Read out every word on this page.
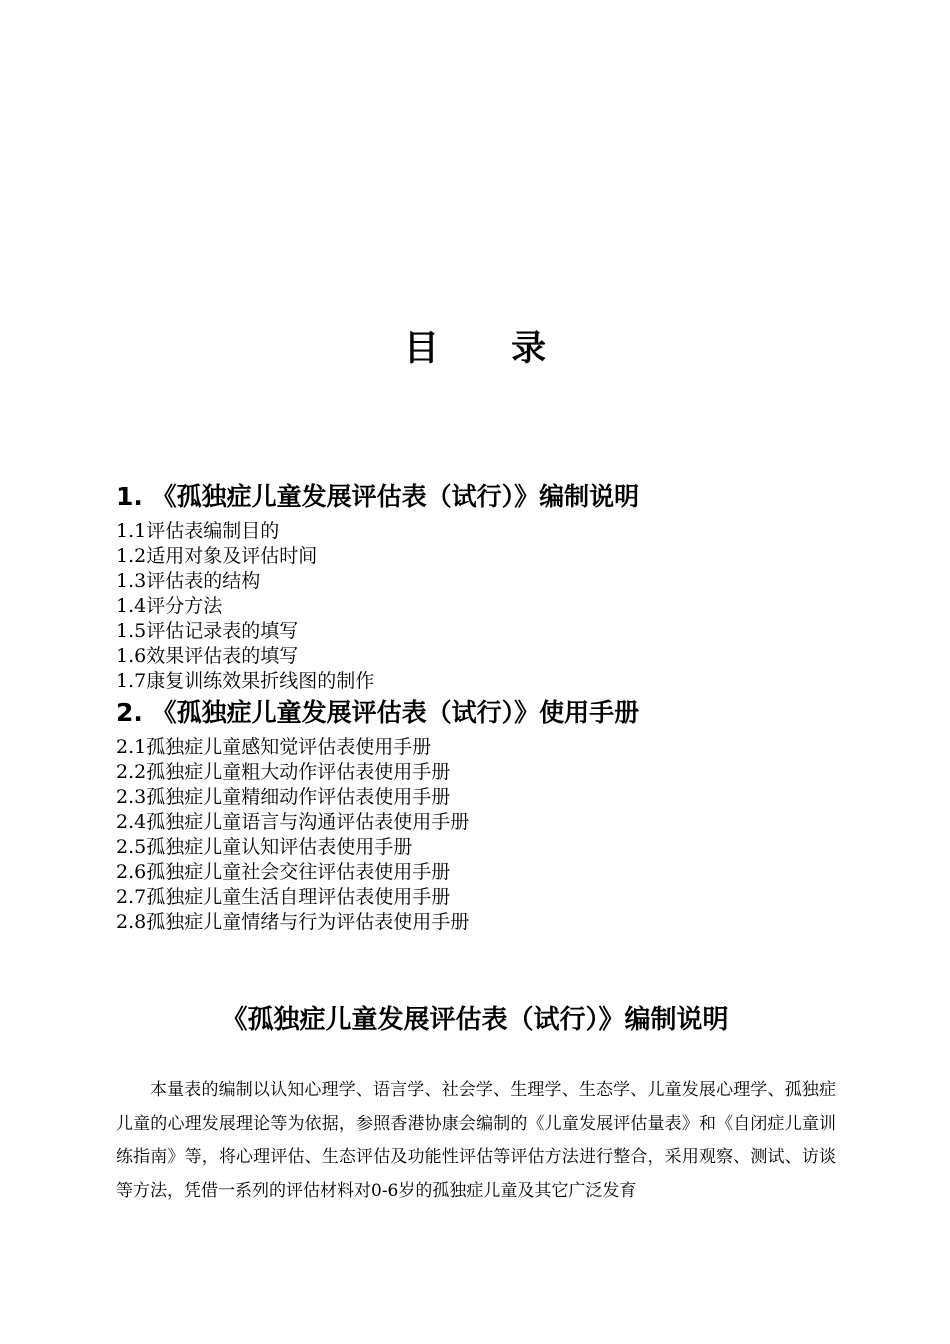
目 录
1. 《孤独症儿童发展评估表（试行）》编制说明
1.1评估表编制目的
1.2适用对象及评估时间
1.3评估表的结构
1.4评分方法
1.5评估记录表的填写
1.6效果评估表的填写
1.7康复训练效果折线图的制作
2. 《孤独症儿童发展评估表（试行）》使用手册
2.1孤独症儿童感知觉评估表使用手册
2.2孤独症儿童粗大动作评估表使用手册
2.3孤独症儿童精细动作评估表使用手册
2.4孤独症儿童语言与沟通评估表使用手册
2.5孤独症儿童认知评估表使用手册
2.6孤独症儿童社会交往评估表使用手册
2.7孤独症儿童生活自理评估表使用手册
2.8孤独症儿童情绪与行为评估表使用手册
《孤独症儿童发展评估表（试行）》编制说明

本量表的编制以认知心理学、语言学、社会学、生理学、生态学、儿童发展心理学、孤独症儿童的心理发展理论等为依据，参照香港协康会编制的《儿童发展评估量表》和《自闭症儿童训练指南》等，将心理评估、生态评估及功能性评估等评估方法进行整合，采用观察、测试、访谈等方法，凭借一系列的评估材料对0-6岁的孤独症儿童及其它广泛发育
